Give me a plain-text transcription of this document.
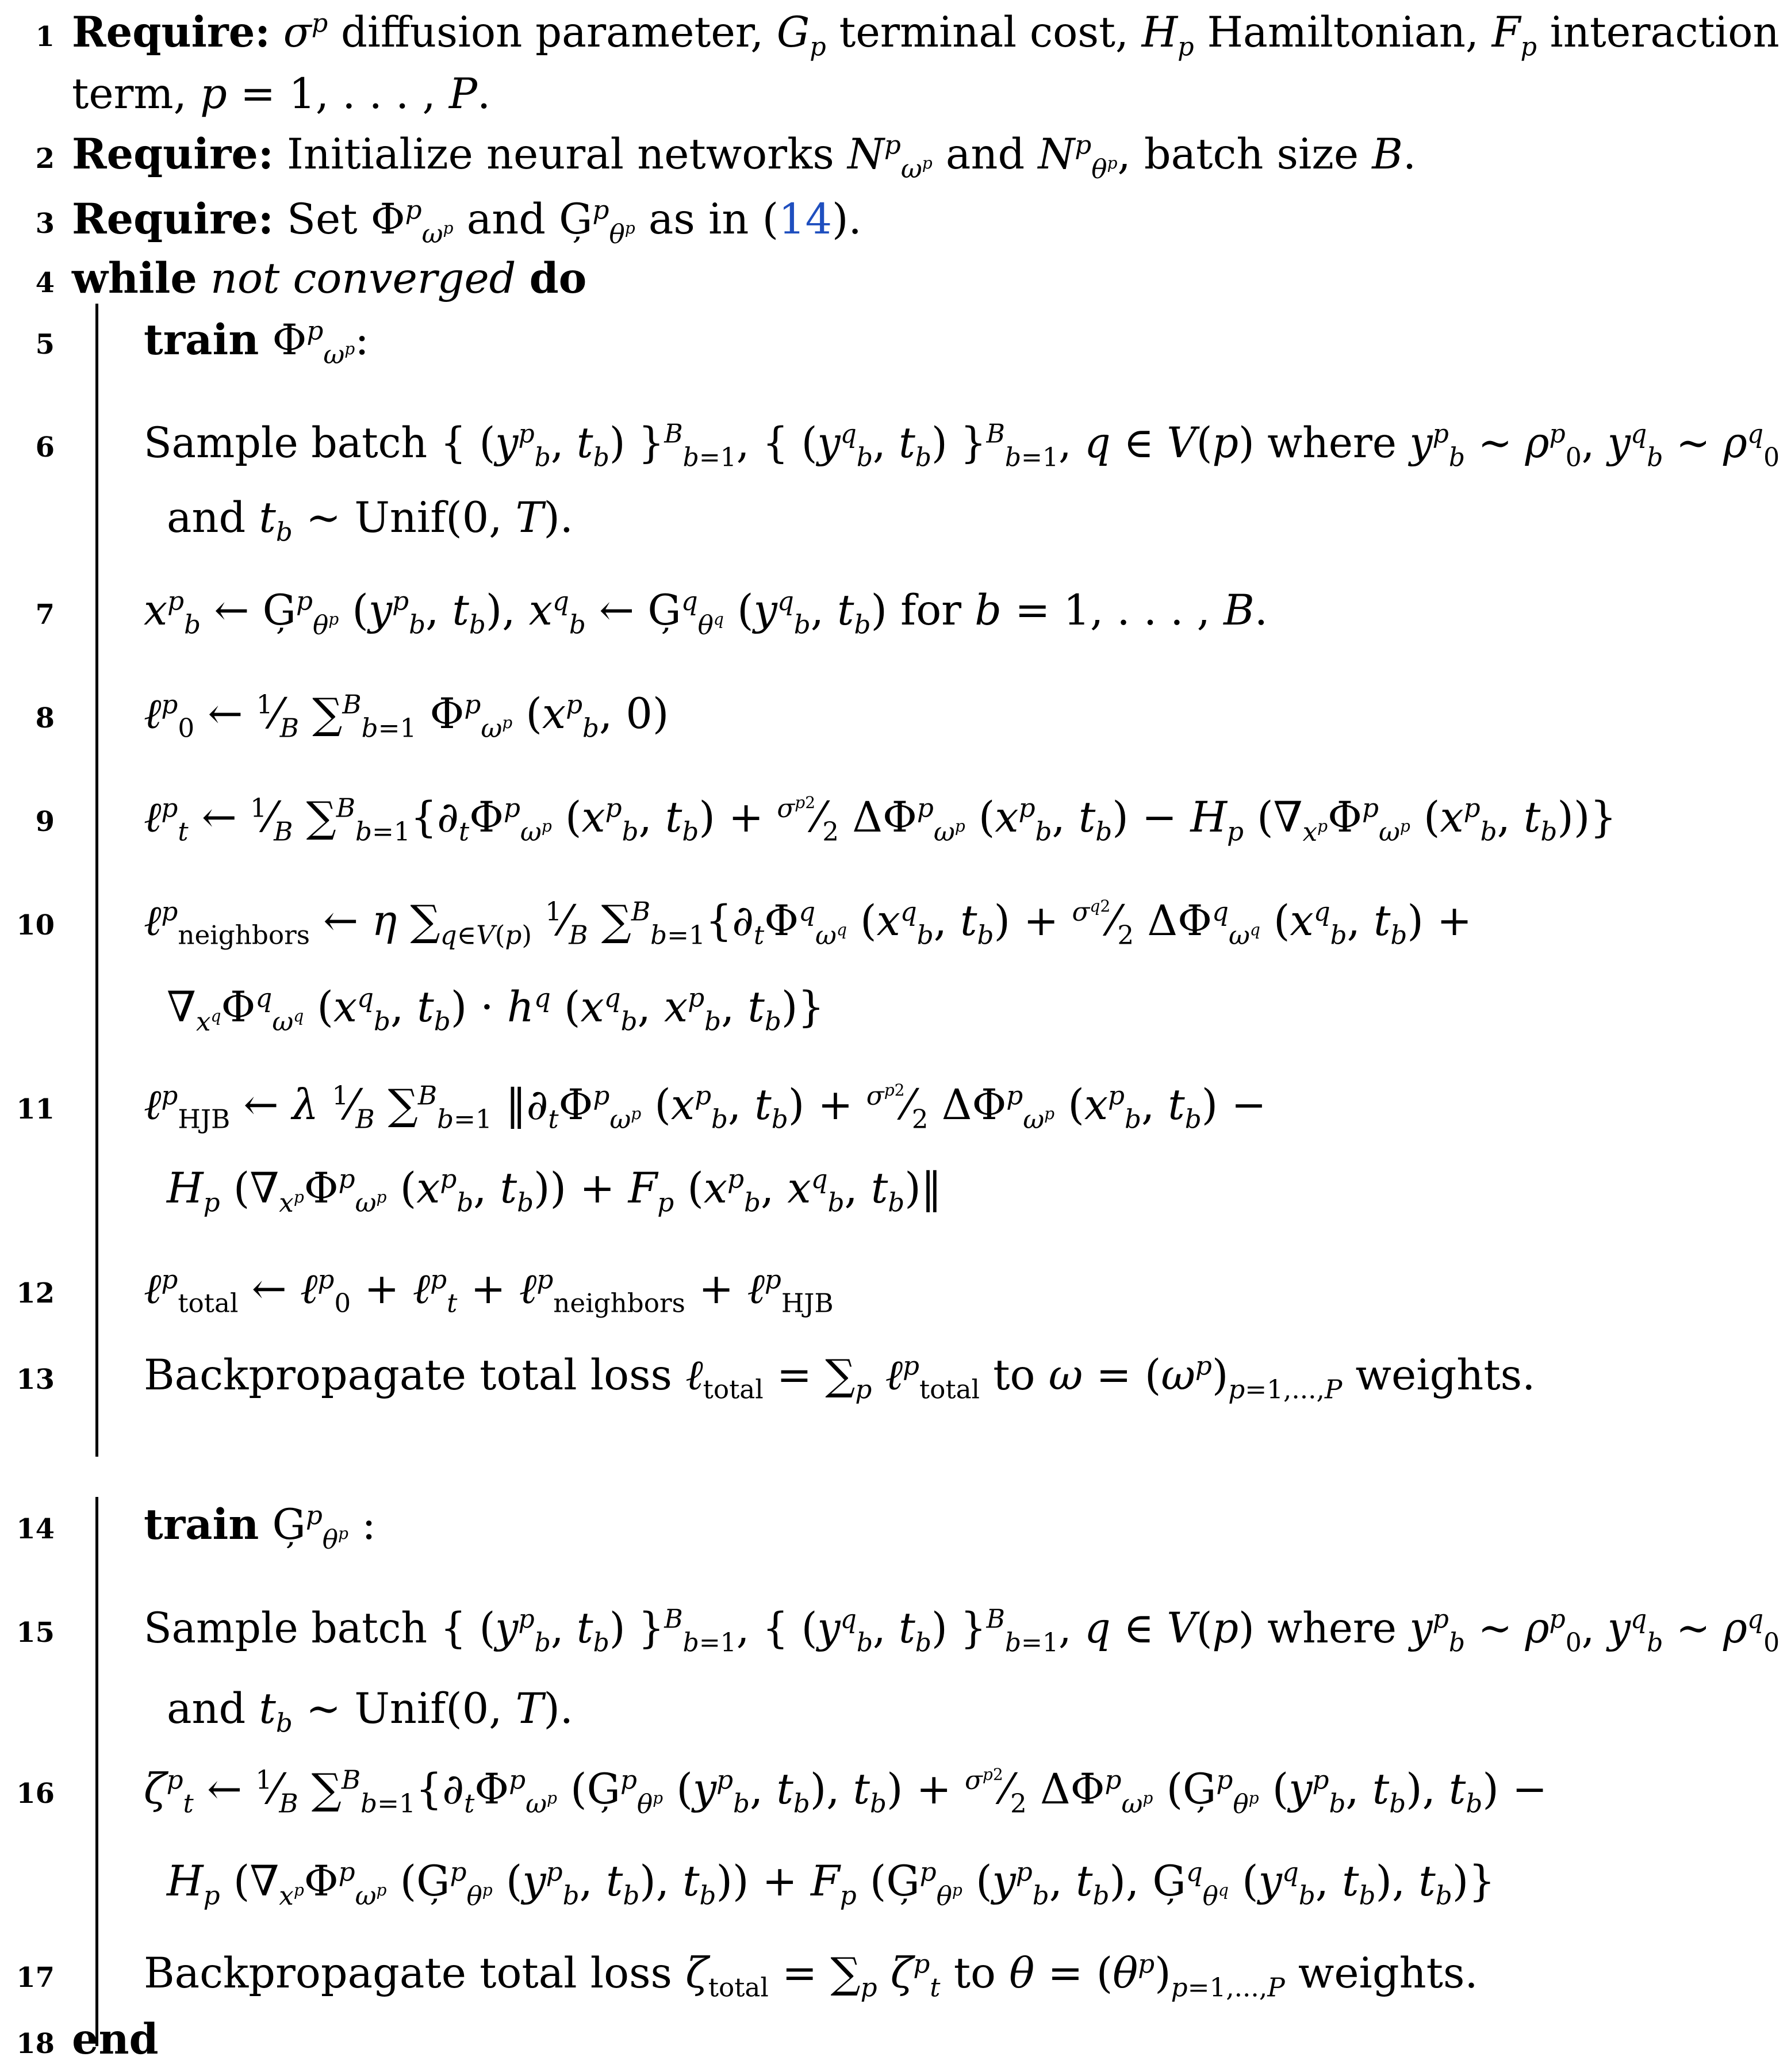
1 Require: $\sigma^p$ diffusion parameter, $G_p$ terminal cost, $H_p$ Hamiltonian, $F_p$ interaction
term, p = 1, . . . , P.
2 Require: Initialize neural networks $N^p_{\omega^p}$ and $N^p_{\theta^p}$, batch size B.
3 Require: Set $\Phi^p_{\omega^p}$ and $Ģ^p_{\theta^p}$ as in (14).
4 while not converged do
5 train $\Phi^p_{\omega^p}$:
6 Sample batch { ($y^p_b$, $t_b$) }$^B_{b=1}$, { ($y^q_b$, $t_b$) }$^B_{b=1}$, q ∈ V(p) where $y^p_b$ ∼ $\rho^p_0$, $y^q_b$ ∼ $\rho^q_0$
and $t_b$ ∼ Unif(0, T).
7 $x^p_b$ ← $Ģ^p_{\theta^p}$ ($y^p_b$, $t_b$), $x^q_b$ ← $Ģ^q_{\theta^q}$ ($y^q_b$, $t_b$) for b = 1, . . . , B.
8 ℓ$^p_0$ ← $^1⁄_B$ ∑$^B_{b=1}$ $\Phi^p_{\omega^p}$ ($x^p_b$, 0)
9 ℓ$^p_t$ ← $^1⁄_B$ $\sum^B_{b=1}\{\partial_t\Phi^p_{\omega^p}$ ($x^p_b$, $t_b$) + $^{\sigma^{p2}}⁄_2$ $\Delta\Phi^p_{\omega^p}$ ($x^p_b$, $t_b) - H_p$ ($\nabla_{x^p}\Phi^p_{\omega^p}$ ($x^p_b$, $t_b$))}
10 ℓ$^p_{neighbors}$ ← η $\sum_{q\in V(p)}$ $^1⁄_B$ $\sum^B_{b=1}\{\partial_t\Phi^q_{\omega^q}$ ($x^q_b$, $t_b$) + $^{\sigma^{q2}}⁄_2$ $\Delta\Phi^q_{\omega^q}$ ($x^q_b$, $t_b$) +
$\nabla_{x^q}\Phi^q_{\omega^q}$ ($x^q_b$, $t_b) \cdot h^q$ ($x^q_b$, $x^p_b$, $t_b$)}
11 ℓ$^p_{HJB}$ ← λ $^1⁄_B$ ∑$^B_{b=1}$ $‖\partial_t\Phi^p_{\omega^p}$ ($x^p_b$, $t_b$) + $^{\sigma^{p2}}⁄_2$ $\Delta\Phi^p_{\omega^p}$ ($x^p_b$, $t_b$) −
$H_p$ ($\nabla_{x^p}\Phi^p_{\omega^p}$ ($x^p_b$, $t_b)) + F_p$ ($x^p_b$, $x^q_b$, $t_b)‖$
12 ℓ$^p_{total}$ ← ℓ$^p_0$ + ℓ$^p_t$ + ℓ$^p_{neighbors}$ + ℓ$^p_{HJB}$
13 Backpropagate total loss ℓ$_{total}$ = $\sum_p$ ℓ$^p_{total}$ to $\omega = (\omega^p)_{p=1,...,P}$ weights.
14 train $Ģ^p_{\theta^p}$ :
15 Sample batch { ($y^p_b$, $t_b$) }$^B_{b=1}$, { ($y^q_b$, $t_b$) }$^B_{b=1}$, q ∈ V(p) where $y^p_b$ ∼ $\rho^p_0$, $y^q_b$ ∼ $\rho^q_0$
and $t_b$ ∼ Unif(0, T).
16 $\zeta^p_t$ ← $^1⁄_B$ $\sum^B_{b=1}\{\partial_t\Phi^p_{\omega^p}$ ($Ģ^p_{\theta^p}$ ($y^p_b$, $t_b$), $t_b$) + $^{\sigma^{p2}}⁄_2$ $\Delta\Phi^p_{\omega^p}$ ($Ģ^p_{\theta^p}$ ($y^p_b$, $t_b$), $t_b$) −
$H_p$ ($\nabla_{x^p}\Phi^p_{\omega^p}$ ($Ģ^p_{\theta^p}$ ($y^p_b$, $t_b$), $t_b)) + F_p$ ($Ģ^p_{\theta^p}$ ($y^p_b$, $t_b$), $Ģ^q_{\theta^q}$ ($y^q_b$, $t_b$), $t_b$)}
17 Backpropagate total loss $\zeta_{total} = \sum_p$ $\zeta^p_t$ to $\theta = (\theta^p)_{p=1,...,P}$ weights.
18 end
